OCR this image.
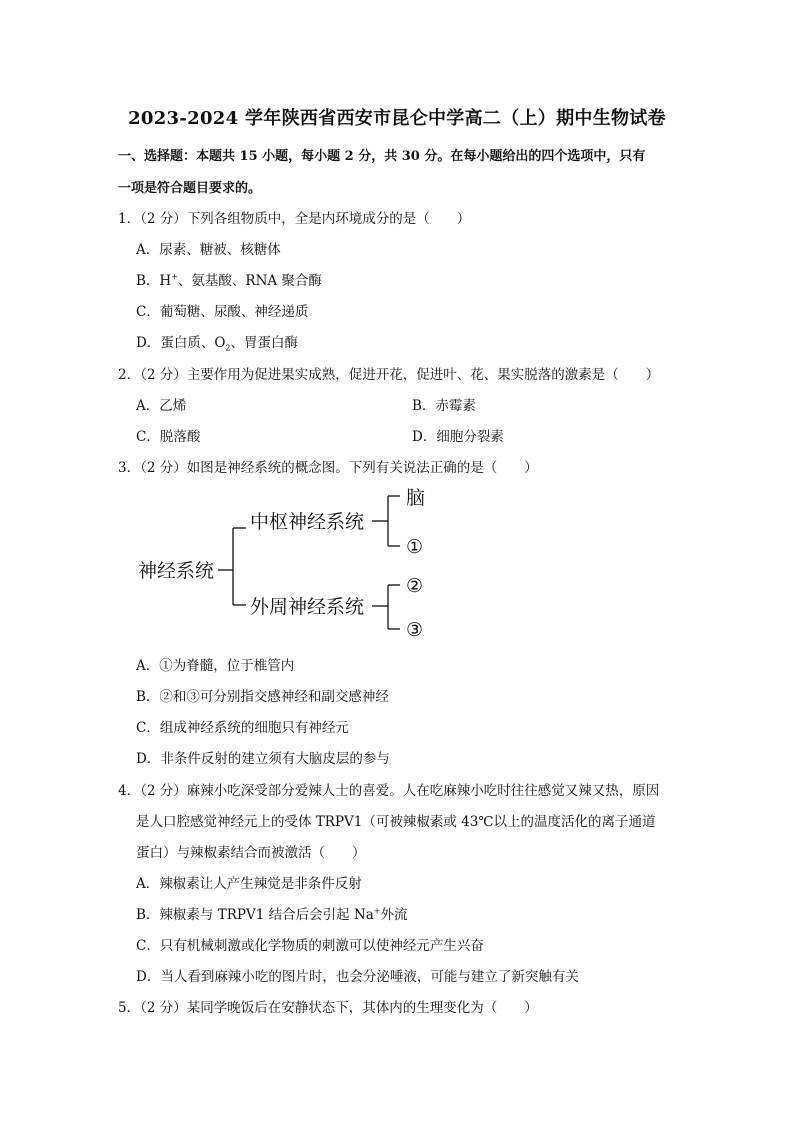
2023-2024 学年陕西省西安市昆仑中学高二（上）期中生物试卷
一、选择题：本题共 15 小题，每小题 2 分，共 30 分。在每小题给出的四个选项中，只有
一项是符合题目要求的。
1．（2 分）下列各组物质中，全是内环境成分的是（　　）
A．尿素、糖被、核糖体
B．H+、氨基酸、RNA 聚合酶
C．葡萄糖、尿酸、神经递质
D．蛋白质、$O_2$、胃蛋白酶
2．（2 分）主要作用为促进果实成熟，促进开花，促进叶、花、果实脱落的激素是（　　）
A．乙烯	B．赤霉素
C．脱落酸	D．细胞分裂素
3．（2 分）如图是神经系统的概念图。下列有关说法正确的是（　　）
神经系统
中枢神经系统
外周神经系统
脑
①
②
③
A．①为脊髓，位于椎管内
B．②和③可分别指交感神经和副交感神经
C．组成神经系统的细胞只有神经元
D．非条件反射的建立须有大脑皮层的参与
4．（2 分）麻辣小吃深受部分爱辣人士的喜爱。人在吃麻辣小吃时往往感觉又辣又热，原因
是人口腔感觉神经元上的受体 TRPV1（可被辣椒素或 43℃以上的温度活化的离子通道
蛋白）与辣椒素结合而被激活（　　）
A．辣椒素让人产生辣觉是非条件反射
B．辣椒素与 TRPV1 结合后会引起 Na+外流
C．只有机械刺激或化学物质的刺激可以使神经元产生兴奋
D．当人看到麻辣小吃的图片时，也会分泌唾液，可能与建立了新突触有关
5．（2 分）某同学晚饭后在安静状态下，其体内的生理变化为（　　）
